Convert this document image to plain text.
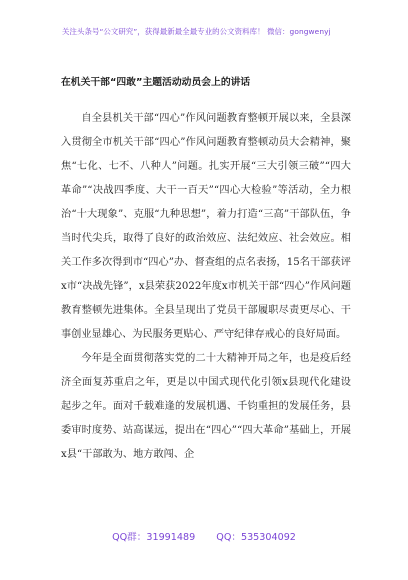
关注头条号“公文研究”，获得最新最全最专业的公文资料库！ 微信：gongwenyj
在机关干部“四敢”主题活动动员会上的讲话

自全县机关干部“四心”作风问题教育整顿开展以来，全县深入贯彻全市机关干部“四心”作风问题教育整顿动员大会精神，聚焦“七化、七不、八种人”问题。扎实开展“三大引领三破”“四大革命”“决战四季度、大干一百天”“四心大检验”等活动，全力根治“十大现象”、克服“九种思想”，着力打造“三高”干部队伍，争当时代尖兵，取得了良好的政治效应、法纪效应、社会效应。相关工作多次得到市“四心”办、督查组的点名表扬，15名干部获评x市“决战先锋”，x县荣获2022年度x市机关干部“四心”作风问题教育整顿先进集体。全县呈现出了党员干部履职尽责更尽心、干事创业显雄心、为民服务更贴心、严守纪律存戒心的良好局面。

今年是全面贯彻落实党的二十大精神开局之年，也是疫后经济全面复苏重启之年，更是以中国式现代化引领x县现代化建设起步之年。面对千载难逢的发展机遇、千钧重担的发展任务，县委审时度势、站高谋远，提出在“四心”“四大革命”基础上，开展x县“干部敢为、地方敢闯、企

QQ群：31991489 QQ：535304092
